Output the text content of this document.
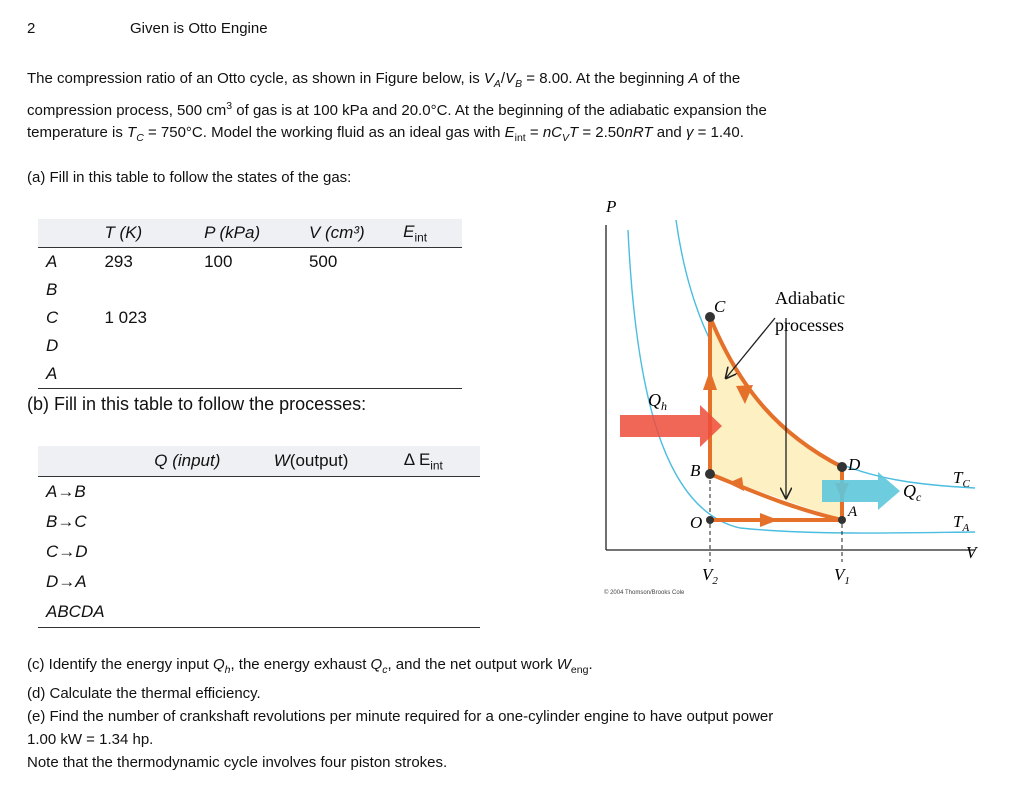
2	Given is Otto Engine
The compression ratio of an Otto cycle, as shown in Figure below, is $V_A/V_B = 8.00$. At the beginning A of the
compression process, 500 $cm^3$ of gas is at 100 kPa and 20.0°C. At the beginning of the adiabatic expansion the
temperature is $T_C = 750^\circ C$. Model the working fluid as an ideal gas with $E_{int} = nC_VT = 2.50nRT$ and γ = 1.40.
(a) Fill in this table to follow the states of the gas:
	T (K)	P (kPa)	V (cm³)	$E_{int}$
A	293	100	500	
B				
C	1 023			
D				
A				
(b) Fill in this table to follow the processes:
	Q (input)	W(output)	Δ $E_{int}$
A→B			
B→C			
C→D			
D→A			
ABCDA			
P
V
Adiabatic
processes
C
B	D
A
O
$Q_h$
$Q_c$
$T_C$
$T_A$
$V_2$	$V_1$
© 2004 Thomson/Brooks Cole
(c) Identify the energy input $Q_h$, the energy exhaust $Q_c$, and the net output work $W_{eng}$.
(d) Calculate the thermal efficiency.
(e) Find the number of crankshaft revolutions per minute required for a one-cylinder engine to have output power
1.00 kW = 1.34 hp.
Note that the thermodynamic cycle involves four piston strokes.
